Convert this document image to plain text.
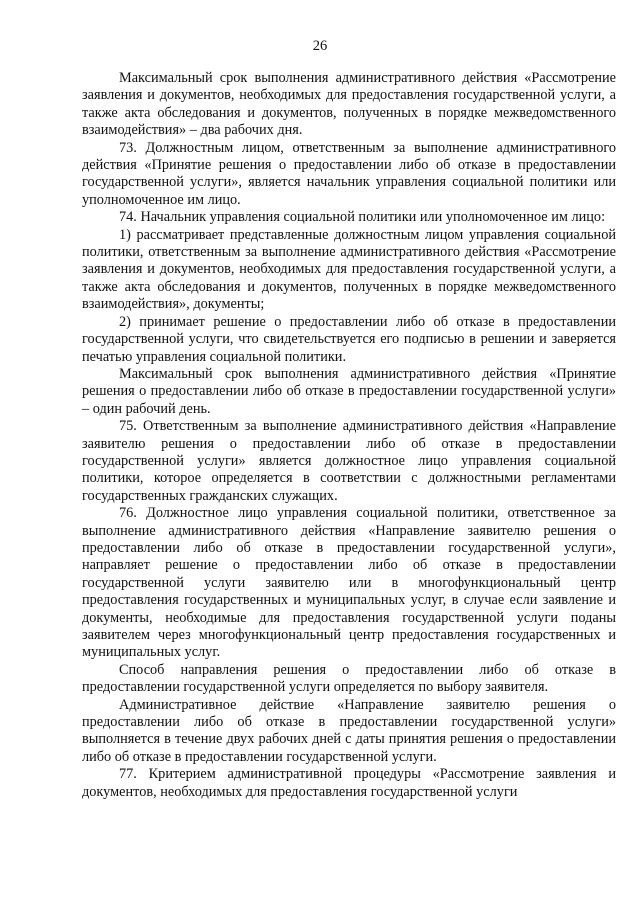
26

Максимальный срок выполнения административного действия «Рассмотрение заявления и документов, необходимых для предоставления государственной услуги, а также акта обследования и документов, полученных в порядке межведомственного взаимодействия» – два рабочих дня.

73. Должностным лицом, ответственным за выполнение административного действия «Принятие решения о предоставлении либо об отказе в предоставлении государственной услуги», является начальник управления социальной политики или уполномоченное им лицо.

74. Начальник управления социальной политики или уполномоченное им лицо:

1) рассматривает представленные должностным лицом управления социальной политики, ответственным за выполнение административного действия «Рассмотрение заявления и документов, необходимых для предоставления государственной услуги, а также акта обследования и документов, полученных в порядке межведомственного взаимодействия», документы;

2) принимает решение о предоставлении либо об отказе в предоставлении государственной услуги, что свидетельствуется его подписью в решении и заверяется печатью управления социальной политики.

Максимальный срок выполнения административного действия «Принятие решения о предоставлении либо об отказе в предоставлении государственной услуги» – один рабочий день.

75. Ответственным за выполнение административного действия «Направление заявителю решения о предоставлении либо об отказе в предоставлении государственной услуги» является должностное лицо управления социальной политики, которое определяется в соответствии с должностными регламентами государственных гражданских служащих.

76. Должностное лицо управления социальной политики, ответственное за выполнение административного действия «Направление заявителю решения о предоставлении либо об отказе в предоставлении государственной услуги», направляет решение о предоставлении либо об отказе в предоставлении государственной услуги заявителю или в многофункциональный центр предоставления государственных и муниципальных услуг, в случае если заявление и документы, необходимые для предоставления государственной услуги поданы заявителем через многофункциональный центр предоставления государственных и муниципальных услуг.

Способ направления решения о предоставлении либо об отказе в предоставлении государственной услуги определяется по выбору заявителя.

Административное действие «Направление заявителю решения о предоставлении либо об отказе в предоставлении государственной услуги» выполняется в течение двух рабочих дней с даты принятия решения о предоставлении либо об отказе в предоставлении государственной услуги.

77. Критерием административной процедуры «Рассмотрение заявления и документов, необходимых для предоставления государственной услуги
